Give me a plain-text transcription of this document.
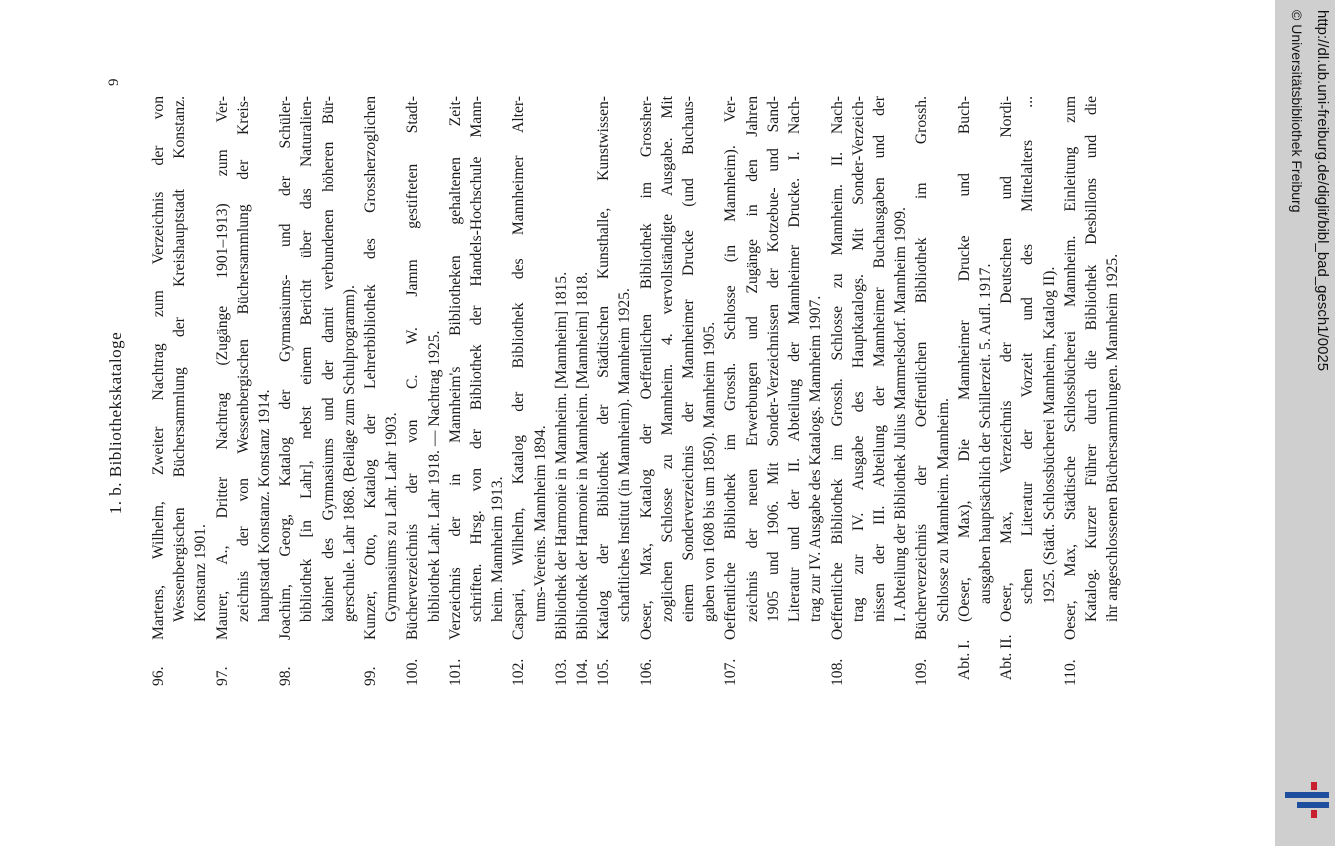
1. b. Bibliothekskataloge
9
96.
Martens, Wilhelm, Zweiter Nachtrag zum Verzeichnis der von Wessenbergischen Büchersammlung der Kreishauptstadt Konstanz. Konstanz 1901.
97.
Maurer, A., Dritter Nachtrag (Zugänge 1901–1913) zum Ver- zeichnis der von Wessenbergischen Büchersammlung der Kreis- hauptstadt Konstanz. Konstanz 1914.
98.
Joachim, Georg, Katalog der Gymnasiums- und der Schüler- bibliothek [in Lahr], nebst einem Bericht über das Naturalien- kabinet des Gymnasiums und der damit verbundenen höheren Bür- gerschule. Lahr 1868. (Beilage zum Schulprogramm).
99.
Kunzer, Otto, Katalog der Lehrerbibliothek des Grossherzoglichen Gymnasiums zu Lahr. Lahr 1903.
100.
Bücherverzeichnis der von C. W. Jamm gestifteten Stadt- bibliothek Lahr. Lahr 1918. — Nachtrag 1925.
101.
Verzeichnis der in Mannheim's Bibliotheken gehaltenen Zeit- schriften. Hrsg. von der Bibliothek der Handels-Hochschule Mann- heim. Mannheim 1913.
102.
Caspari, Wilhelm, Katalog der Bibliothek des Mannheimer Alter- tums-Vereins. Mannheim 1894.
103.
Bibliothek der Harmonie in Mannheim. [Mannheim] 1815.
104.
Bibliothek der Harmonie in Mannheim. [Mannheim] 1818.
105.
Katalog der Bibliothek der Städtischen Kunsthalle, Kunstwissen- schaftliches Institut (in Mannheim). Mannheim 1925.
106.
Oeser, Max, Katalog der Oeffentlichen Bibliothek im Grossher- zoglichen Schlosse zu Mannheim. 4. vervollständigte Ausgabe. Mit einem Sonderverzeichnis der Mannheimer Drucke (und Buchaus- gaben von 1608 bis um 1850). Mannheim 1905.
107.
Oeffentliche Bibliothek im Grossh. Schlosse (in Mannheim). Ver- zeichnis der neuen Erwerbungen und Zugänge in den Jahren 1905 und 1906. Mit Sonder-Verzeichnissen der Kotzebue- und Sand- Literatur und der II. Abteilung der Mannheimer Drucke. I. Nach- trag zur IV. Ausgabe des Katalogs. Mannheim 1907.
108.
Oeffentliche Bibliothek im Grossh. Schlosse zu Mannheim. II. Nach- trag zur IV. Ausgabe des Hauptkatalogs. Mit Sonder-Verzeich- nissen der III. Abteilung der Mannheimer Buchausgaben und der I. Abteilung der Bibliothek Julius Mammelsdorf. Mannheim 1909.
109.
Bücherverzeichnis der Oeffentlichen Bibliothek im Grossh. Schlosse zu Mannheim. Mannheim.
Abt. I.
(Oeser, Max), Die Mannheimer Drucke und Buch- ausgaben hauptsächlich der Schillerzeit. 5. Aufl. 1917.
Abt. II.
Oeser, Max, Verzeichnis der Deutschen und Nordi- schen Literatur der Vorzeit und des Mittelalters ... 1925. (Städt. Schlossbücherei Mannheim, Katalog II).
110.
Oeser, Max, Städtische Schlossbücherei Mannheim. Einleitung zum Katalog. Kurzer Führer durch die Bibliothek Desbillons und die ihr angeschlossenen Büchersammlungen. Mannheim 1925.
http://dl.ub.uni-freiburg.de/diglit/bibl_bad_gesch1/0025
© Universitätsbibliothek Freiburg
